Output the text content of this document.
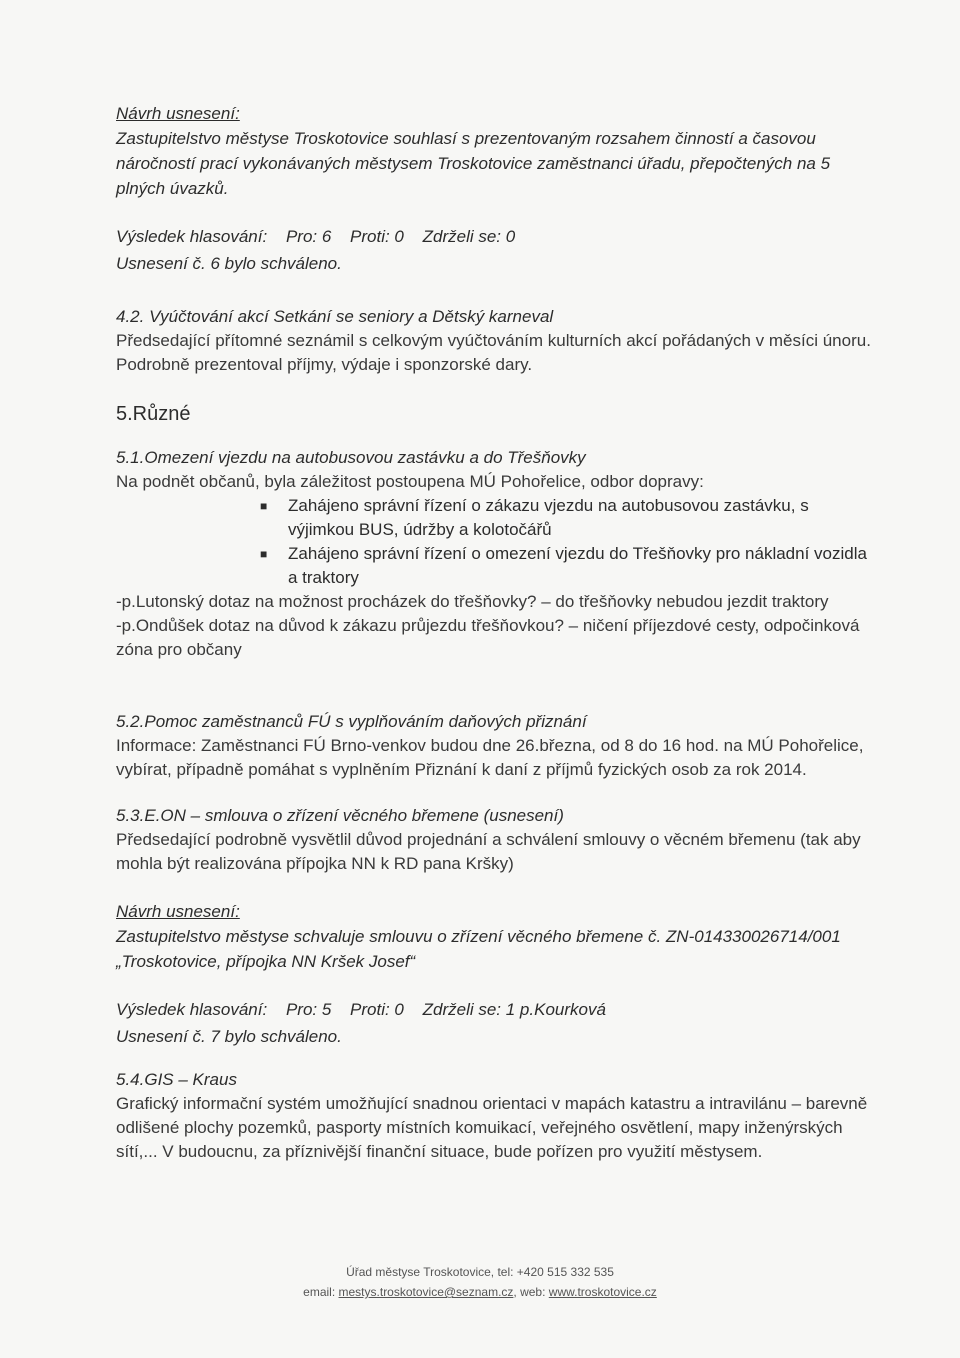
Návrh usnesení:

Zastupitelstvo městyse Troskotovice souhlasí s prezentovaným rozsahem činností a časovou náročností prací vykonávaných městysem Troskotovice zaměstnanci úřadu, přepočtených na 5 plných úvazků.

Výsledek hlasování: Pro: 6 Proti: 0 Zdrželi se: 0

Usnesení č. 6 bylo schváleno.

4.2. Vyúčtování akcí Setkání se seniory a Dětský karneval

Předsedající přítomné seznámil s celkovým vyúčtováním kulturních akcí pořádaných v měsíci únoru. Podrobně prezentoval příjmy, výdaje i sponzorské dary.

5.Různé

5.1.Omezení vjezdu na autobusovou zastávku a do Třešňovky

Na podnět občanů, byla záležitost postoupena MÚ Pohořelice, odbor dopravy:

■ Zahájeno správní řízení o zákazu vjezdu na autobusovou zastávku, s výjimkou BUS, údržby a kolotočářů
■ Zahájeno správní řízení o omezení vjezdu do Třešňovky pro nákladní vozidla a traktory

-p.Lutonský dotaz na možnost procházek do třešňovky? – do třešňovky nebudou jezdit traktory

-p.Ondůšek dotaz na důvod k zákazu průjezdu třešňovkou? – ničení příjezdové cesty, odpočinková zóna pro občany

5.2.Pomoc zaměstnanců FÚ s vyplňováním daňových přiznání

Informace: Zaměstnanci FÚ Brno-venkov budou dne 26.března, od 8 do 16 hod. na MÚ Pohořelice, vybírat, případně pomáhat s vyplněním Přiznání k daní z příjmů fyzických osob za rok 2014.

5.3.E.ON – smlouva o zřízení věcného břemene (usnesení)

Předsedající podrobně vysvětlil důvod projednání a schválení smlouvy o věcném břemenu (tak aby mohla být realizována přípojka NN k RD pana Kršky)

Návrh usnesení:

Zastupitelstvo městyse schvaluje smlouvu o zřízení věcného břemene č. ZN-014330026714/001 „Troskotovice, přípojka NN Kršek Josef“

Výsledek hlasování: Pro: 5 Proti: 0 Zdrželi se: 1 p.Kourková

Usnesení č. 7 bylo schváleno.

5.4.GIS – Kraus

Grafický informační systém umožňující snadnou orientaci v mapách katastru a intravilánu – barevně odlišené plochy pozemků, pasporty místních komuikací, veřejného osvětlení, mapy inženýrských sítí,... V budoucnu, za příznivější finanční situace, bude pořízen pro využití městysem.

Úřad městyse Troskotovice, tel: +420 515 332 535
email: mestys.troskotovice@seznam.cz, web: www.troskotovice.cz
